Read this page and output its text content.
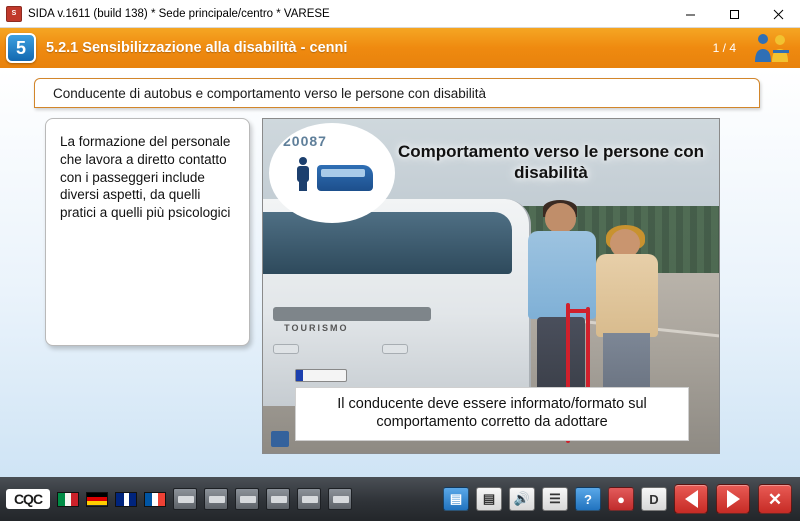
S	SIDA v.1611 (build 138) * Sede principale/centro * VARESE
5	5.2.1 Sensibilizzazione alla disabilità - cenni	1 / 4
Conducente di autobus e comportamento verso le persone con disabilità

La formazione del personale che lavora a diretto contatto con i passeggeri include diversi aspetti, da quelli pratici a quelli più psicologici

TOURISMO
20087
Comportamento verso le persone con disabilità
Il conducente deve essere informato/formato sul comportamento corretto da adottare
CQC	▤	▤	🔊	☰	?	●	D	✕
